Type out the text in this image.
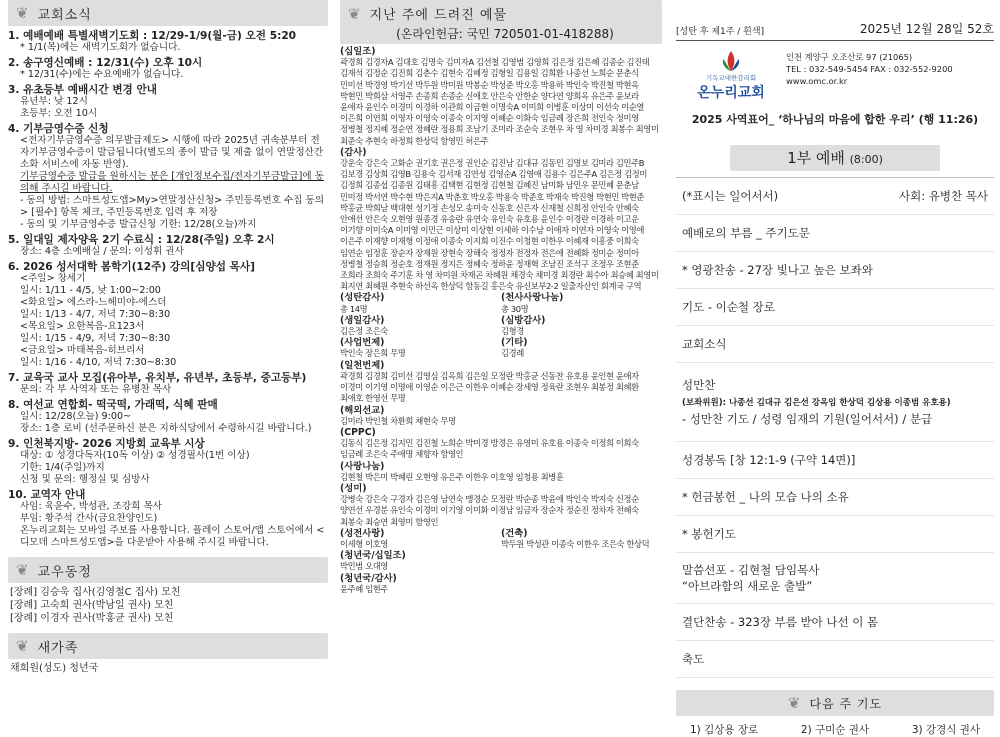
❦ 교회소식
1. 예배예배 특별새벽기도회 : 12/29-1/9(월-금) 오전 5:20
* 1/1(목)에는 새벽기도회가 없습니다.
2. 송구영신예배 : 12/31(수) 오후 10시
* 12/31(수)에는 수요예배가 없습니다.
3. 유초등부 예배시간 변경 안내
유년부: 낮 12시
초등부: 오전 10시
4. 기부금영수증 신청
<전자기부금영수증 의무발급제도> 시행에 따라 2025년 귀속분부터 전자기부금영수증이 발급됩니다(별도의 종이 발급 및 제출 없이 연말정산간소화 서비스에 자동 반영).
기부금영수증 발급을 원하시는 분은 [개인정보수집/전자기부금발급]에 동의해 주시길 바랍니다.
- 동의 방법: 스마트성도앱>My>연말정산신청> 주민등록번호 수집 동의> [필수] 항목 체크, 주민등록번호 입력 후 저장
- 동의 및 기부금영수증 발급신청 기한: 12/28(오늘)까지
5. 일대일 제자양육 2기 수료식 : 12/28(주일) 오후 2시
장소: 4층 소예배실 / 문의: 이성휘 권사
6. 2026 성서대학 봄학기(12주) 강의[심양섭 목사]
<주일> 창세기
일시: 1/11 - 4/5, 낮 1:00~2:00
<화요일> 에스라-느헤미야-에스더
일시: 1/13 - 4/7, 저녁 7:30~8:30
<목요일> 요한복음-요123서
일시: 1/15 - 4/9, 저녁 7:30~8:30
<금요일> 마태복음-히브리서
일시: 1/16 - 4/10, 저녁 7:30~8:30
7. 교육국 교사 모집(유아부, 유치부, 유년부, 초등부, 중고등부)
문의: 각 부 사역자 또는 유병찬 목사
8. 여선교 연합회- 떡국떡, 가래떡, 식혜 판매
일시: 12/28(오늘) 9:00~
장소: 1층 로비 (선주문하신 분은 지하식당에서 수령하시길 바랍니다.)
9. 인천북지방- 2026 지방회 교육부 시상
대상: ① 성경다독자(10독 이상) ② 성경필사(1번 이상)
기한: 1/4(주일)까지
신청 및 문의: 행정실 및 심방사
10. 교역자 안내
사임: 육윤수, 박성관, 조강희 목사
부임: 황주석 간사(금요찬양인도)
온누리교회는 모바일 주보를 사용합니다. 플레이 스토어/앱 스토어에서 <디모데 스마트성도앱>을 다운받아 사용해 주시길 바랍니다.
❦ 교우동정
[장례] 김승욱 집사(김영철C 집사) 모친
[장례] 고숙희 권사(박남일 권사) 모친
[장례] 이경자 권사(박홍균 권사) 모친
❦ 새가족
채희원(성도) 청년국
❦ 지난 주에 드려진 예물
(온라인헌금: 국민 720501-01-418288)
(십일조)
곽경희 김경자A 김대호 김명숙 김미자A 김선철 김영범 김영희 김은정 김은혜 김종순 김진태 김재석 김정순 김진희 김춘수 김현숙 김혜정 김형일 김용일 김희환 나종선 노희순 문춘식 민미선 박경영 박기선 박두원 박미원 박봉순 박성준 박오홍 박용하 박인숙 박진철 박현옥 박현민 박희삼 서영주 손종희 손종순 신애호 안은숙 안한순 양다연 양희옥 유은주 윤보라 윤애자 윤인수 이경미 이경하 이관희 이금현 이명숙A 이미희 이병훈 이상미 이선숙 이순열 이은희 이연희 이영자 이영숙 이종숙 이지영 이혜순 이화숙 임금례 장은희 전인숙 정미영 정병철 정지혜 정순연 정혜란 정용희 조남기 조미라 조순숙 조현우 차 영 차미경 최봉수 최영미 최준숙 추현숙 하정희 한상덕 함영민 허은주
(감사)
강운숙 강은숙 고화순 권기호 권은정 권인순 김진남 김대규 김동민 김명보 김미라 김민주B 김보경 김상희 김영B 김용숙 김서재 김연성 김영순A 김영애 김용수 김은주A 김은정 김정미 김정희 김종섭 김종원 김태흥 김택현 김현정 김현철 김혜진 남미화 남민우 문민혜 문춘남 민미정 박서연 박수현 박은지A 박춘호 박오홍 박용숙 박준호 박재숙 박진형 박현민 박현준 박홍균 박희남 백대현 성기정 손성모 송미숙 신동호 신은자 신재철 신희정 안인숙 안혜숙 안애선 안은숙 오현영 원종경 유송란 유연숙 유인숙 유호용 윤인수 이경란 이경하 이고운 이기향 이미숙A 이미영 이민근 이상미 이상현 이세하 이수남 이애자 이연자 이영숙 이영애 이은주 이재향 이재형 이정애 이종숙 이지희 이진수 이청현 이한우 이혜재 이흥중 이희숙 임연순 임정훈 장순자 장재원 장현숙 장해숙 정정자 전정자 전은애 전혜화 정미순 정미아 정병철 정승희 정순호 정재원 정지은 정혜숙 정하윤 정재혁 조남진 조석구 조정우 조현준 조희라 조희숙 주기훈 차 영 차미원 차재곤 차혜원 채경숙 채미경 최경란 최수아 최승혜 최영미 최지연 최혜원 추현숙 하선옥 한상덕 함동길 홍은숙 유신보부2-2 일출자산인 회계국 구역
(성탄감사)
총 14명
(천사사랑나눔)
총 30명
(생일감사)
김은정 조은숙
(심방감사)
김형경
(사업번제)
박인숙 장은희 무명
(기타)
김경례
(일천번제)
곽경희 김경희 김미선 김영심 김옥희 김은일 모정란 박홍균 신동찬 유호용 윤인현 윤애자 이경미 이기영 이명애 이영순 이은근 이한우 이혜순 장세영 정육란 조현우 최봉정 최혜환 최애호 한영선 무명
(해외선교)
김미라 박인철 차환희 채현숙 무명
(CPPC)
김동식 김은정 김지민 김진철 노희순 박미경 방경은 유영미 유호용 이종숙 이정희 이희숙 임금례 조은숙 주애명 채향자 함영인
(사랑나눔)
김현철 박은미 박혜린 오현영 유은주 이한우 이호영 임청용 최병훈
(성미)
강병숙 강은숙 구경자 김은영 남연숙 맹경순 모정란 박순종 박윤애 박인숙 박지숙 신정순 양연선 우경분 유인숙 이경미 이기영 이미화 이정남 임금자 장순자 정순진 정차자 전혜숙 최봉숙 최승연 최영미 함영인
(성전사랑)
이세형 이호영
(건축)
박두원 박성관 이종숙 이한우 조은숙 한상덕
(청년국/십일조)
박민범 오대영
(청년국/감사)
윤주혜 임현주
[성탄 후 제1주 / 흰색]	2025년 12월 28일 52호
기독교대한감리회
온누리교회
인천 계양구 오조산로 97 (21065)
TEL : 032-549-5454 FAX : 032-552-9200
www.omc.or.kr
2025 사역표어_ ‘하나님의 마음에 합한 우리’ (행 11:26)
1부 예배 (8:00)
(*표시는 일어서서)	사회: 유병찬 목사
예배로의 부름 _ 주기도문
* 영광찬송 - 27장 빛나고 높은 보좌와
기도 - 이순철 장로
교회소식
성만찬
(보좌위원): 나종선 김대규 김은선 강옥임 한상덕 김상용 이종범 유호용)
- 성만찬 기도 / 성령 임재의 기원(일어서서) / 분급
성경봉독 [창 12:1-9 (구약 14면)]
* 헌금봉헌 _ 나의 모습 나의 소유
* 봉헌기도
말씀선포 - 김현철 담임목사
“아브라함의 새로운 출발”
결단찬송 - 323장 부름 받아 나선 이 몸
축도
❦ 다음 주 기도
1) 김상용 장로	2) 구미순 권사	3) 강경식 권사
